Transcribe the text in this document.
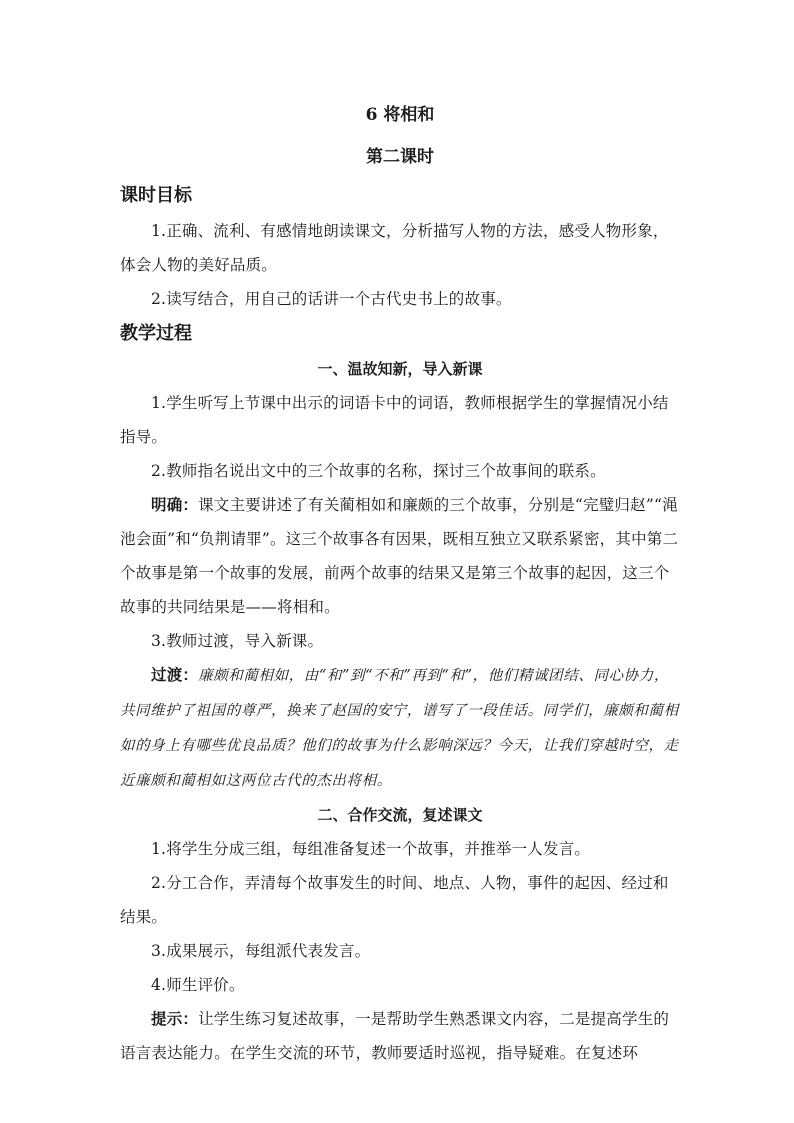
6 将相和

第二课时

课时目标

1.正确、流利、有感情地朗读课文，分析描写人物的方法，感受人物形象，体会人物的美好品质。

2.读写结合，用自己的话讲一个古代史书上的故事。

教学过程

一、温故知新，导入新课

1.学生听写上节课中出示的词语卡中的词语，教师根据学生的掌握情况小结指导。

2.教师指名说出文中的三个故事的名称，探讨三个故事间的联系。

明确：课文主要讲述了有关蔺相如和廉颇的三个故事，分别是“完璧归赵”“渑池会面”和“负荆请罪”。这三个故事各有因果，既相互独立又联系紧密，其中第二个故事是第一个故事的发展，前两个故事的结果又是第三个故事的起因，这三个故事的共同结果是——将相和。

3.教师过渡，导入新课。

过渡：廉颇和蔺相如，由“和”到“不和”再到“和”，他们精诚团结、同心协力，共同维护了祖国的尊严，换来了赵国的安宁，谱写了一段佳话。同学们，廉颇和蔺相如的身上有哪些优良品质？他们的故事为什么影响深远？今天，让我们穿越时空，走近廉颇和蔺相如这两位古代的杰出将相。

二、合作交流，复述课文

1.将学生分成三组，每组准备复述一个故事，并推举一人发言。

2.分工合作，弄清每个故事发生的时间、地点、人物，事件的起因、经过和结果。

3.成果展示，每组派代表发言。

4.师生评价。

提示：让学生练习复述故事，一是帮助学生熟悉课文内容，二是提高学生的语言表达能力。在学生交流的环节，教师要适时巡视，指导疑难。在复述环
